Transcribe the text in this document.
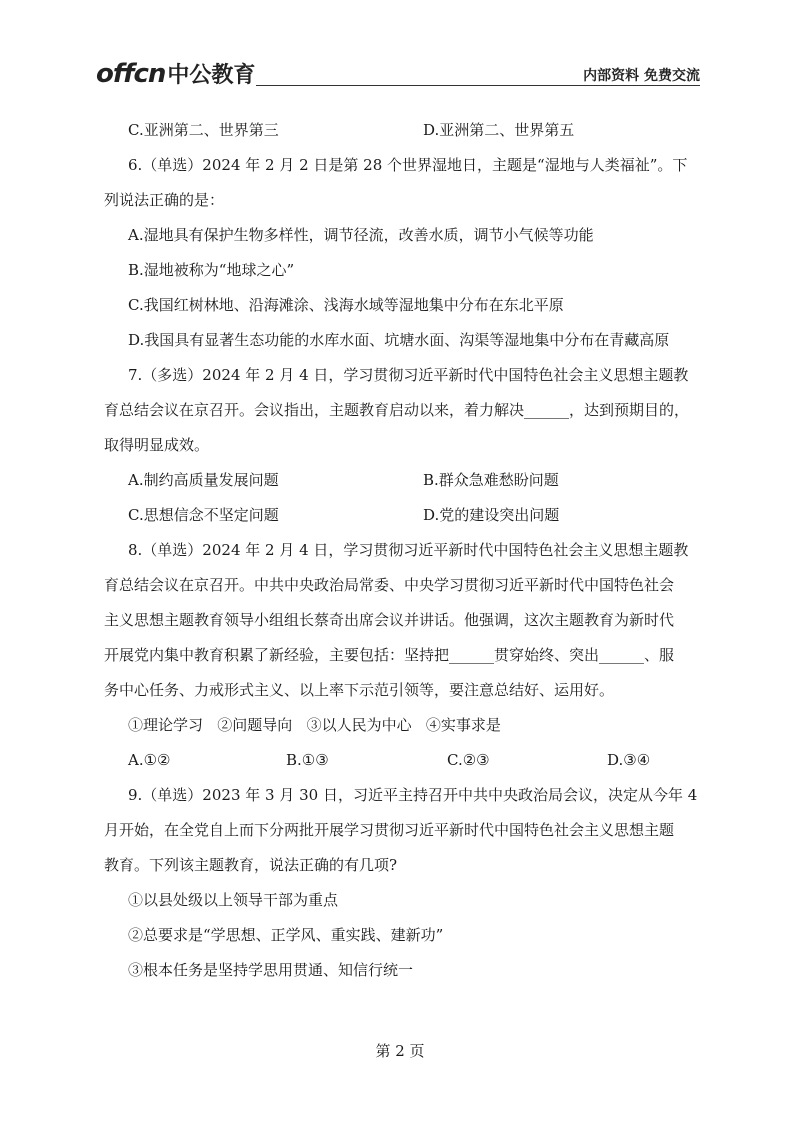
offcn 中公教育	内部资料 免费交流
C.亚洲第二、世界第三	D.亚洲第二、世界第五
6.（单选）2024 年 2 月 2 日是第 28 个世界湿地日，主题是“湿地与人类福祉”。下
列说法正确的是：
A.湿地具有保护生物多样性，调节径流，改善水质，调节小气候等功能
B.湿地被称为“地球之心”
C.我国红树林地、沿海滩涂、浅海水域等湿地集中分布在东北平原
D.我国具有显著生态功能的水库水面、坑塘水面、沟渠等湿地集中分布在青藏高原
7.（多选）2024 年 2 月 4 日，学习贯彻习近平新时代中国特色社会主义思想主题教
育总结会议在京召开。会议指出，主题教育启动以来，着力解决______，达到预期目的，
取得明显成效。
A.制约高质量发展问题	B.群众急难愁盼问题
C.思想信念不坚定问题	D.党的建设突出问题
8.（单选）2024 年 2 月 4 日，学习贯彻习近平新时代中国特色社会主义思想主题教
育总结会议在京召开。中共中央政治局常委、中央学习贯彻习近平新时代中国特色社会
主义思想主题教育领导小组组长蔡奇出席会议并讲话。他强调，这次主题教育为新时代
开展党内集中教育积累了新经验，主要包括：坚持把______贯穿始终、突出______、服
务中心任务、力戒形式主义、以上率下示范引领等，要注意总结好、运用好。
①理论学习   ②问题导向   ③以人民为中心   ④实事求是
A.①②	B.①③	C.②③	D.③④
9.（单选）2023 年 3 月 30 日，习近平主持召开中共中央政治局会议，决定从今年 4
月开始，在全党自上而下分两批开展学习贯彻习近平新时代中国特色社会主义思想主题
教育。下列该主题教育，说法正确的有几项?
①以县处级以上领导干部为重点
②总要求是“学思想、正学风、重实践、建新功”
③根本任务是坚持学思用贯通、知信行统一
第 2 页
